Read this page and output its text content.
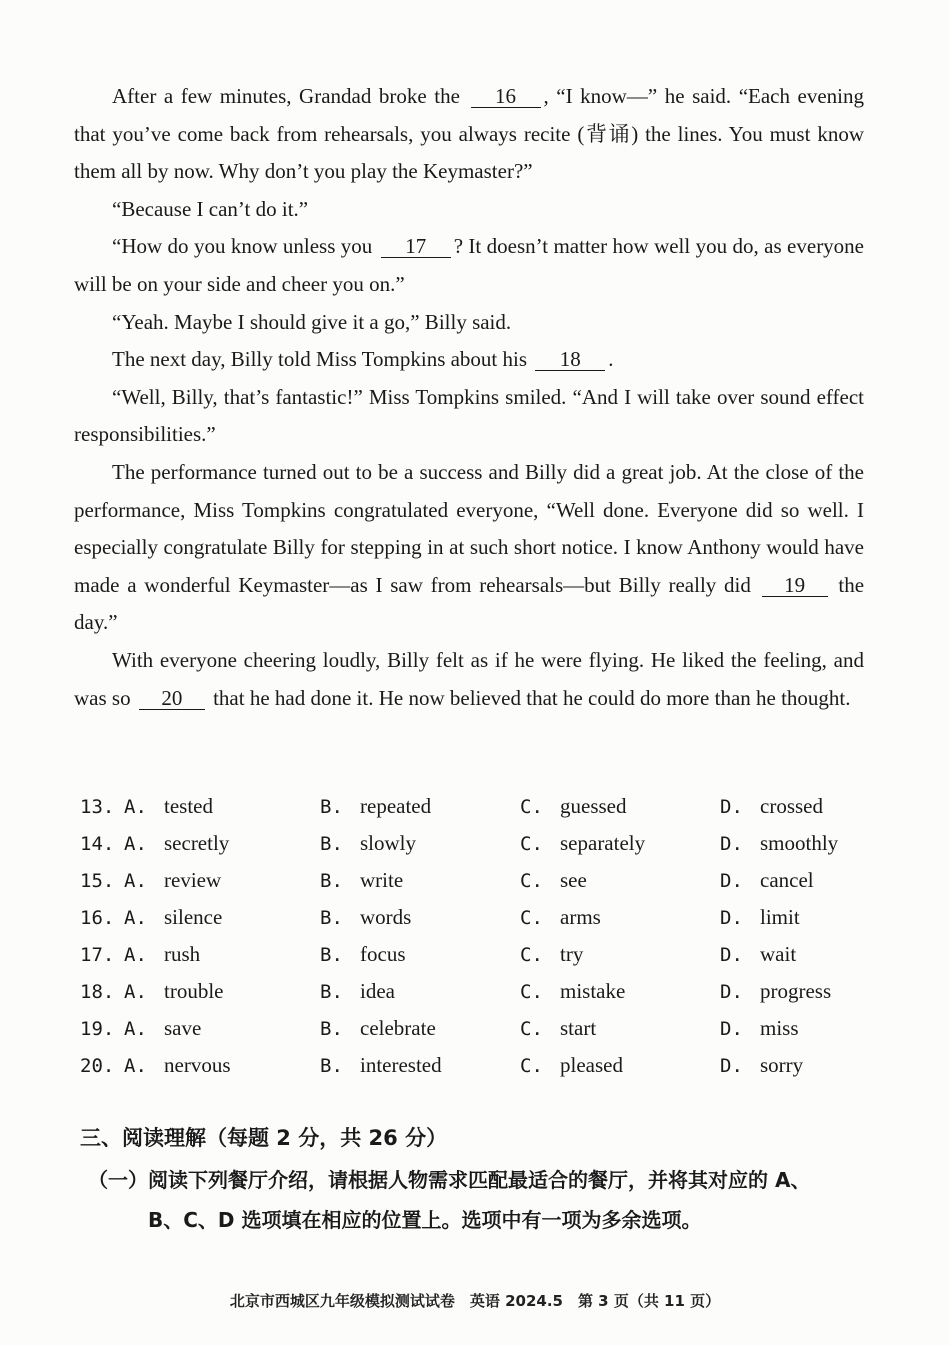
After a few minutes, Grandad broke the 16 , “I know—” he said. “Each evening that you’ve come back from rehearsals, you always recite (背诵) the lines. You must know them all by now. Why don’t you play the Keymaster?”

“Because I can’t do it.”

“How do you know unless you 17 ? It doesn’t matter how well you do, as everyone will be on your side and cheer you on.”

“Yeah. Maybe I should give it a go,” Billy said.

The next day, Billy told Miss Tompkins about his 18 .

“Well, Billy, that’s fantastic!” Miss Tompkins smiled. “And I will take over sound effect responsibilities.”

The performance turned out to be a success and Billy did a great job. At the close of the performance, Miss Tompkins congratulated everyone, “Well done. Everyone did so well. I especially congratulate Billy for stepping in at such short notice. I know Anthony would have made a wonderful Keymaster—as I saw from rehearsals—but Billy really did 19 the day.”

With everyone cheering loudly, Billy felt as if he were flying. He liked the feeling, and was so 20 that he had done it. He now believed that he could do more than he thought.

13. A. tested	B. repeated	C. guessed	D. crossed
14. A. secretly	B. slowly	C. separately	D. smoothly
15. A. review	B. write	C. see	D. cancel
16. A. silence	B. words	C. arms	D. limit
17. A. rush	B. focus	C. try	D. wait
18. A. trouble	B. idea	C. mistake	D. progress
19. A. save	B. celebrate	C. start	D. miss
20. A. nervous	B. interested	C. pleased	D. sorry
三、阅读理解（每题 2 分，共 26 分）
（一）阅读下列餐厅介绍，请根据人物需求匹配最适合的餐厅，并将其对应的 A、
B、C、D 选项填在相应的位置上。选项中有一项为多余选项。
北京市西城区九年级模拟测试试卷　英语 2024.5　第 3 页（共 11 页）
